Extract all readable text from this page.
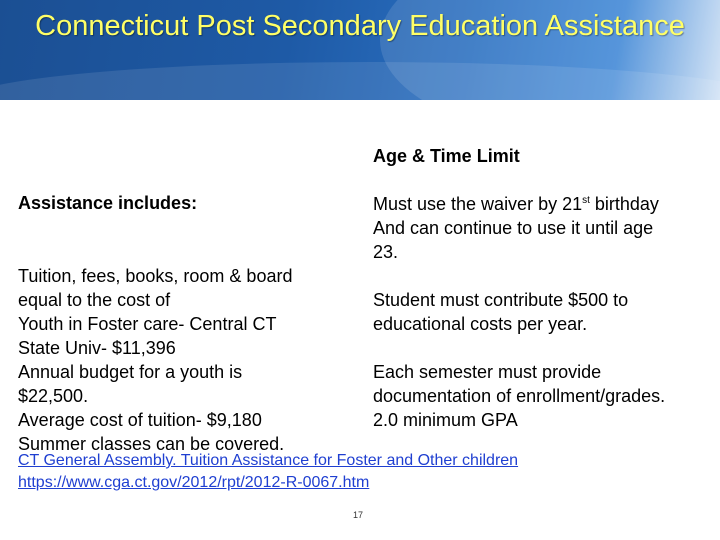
Connecticut Post Secondary Education Assistance
Age & Time Limit
Assistance includes:	Must use the waiver by 21st birthday
And can continue to use it until age
23.
Student must contribute $500 to
educational costs per year.
Each semester must provide
documentation of enrollment/grades.
2.0 minimum GPA
Tuition, fees, books, room & board
equal to the cost of
Youth in Foster care- Central CT
State Univ- $11,396
Annual budget for a youth is
$22,500.
Average cost of tuition- $9,180
Summer classes can be covered.
CT General Assembly. Tuition Assistance for Foster and Other children
https://www.cga.ct.gov/2012/rpt/2012-R-0067.htm
17
